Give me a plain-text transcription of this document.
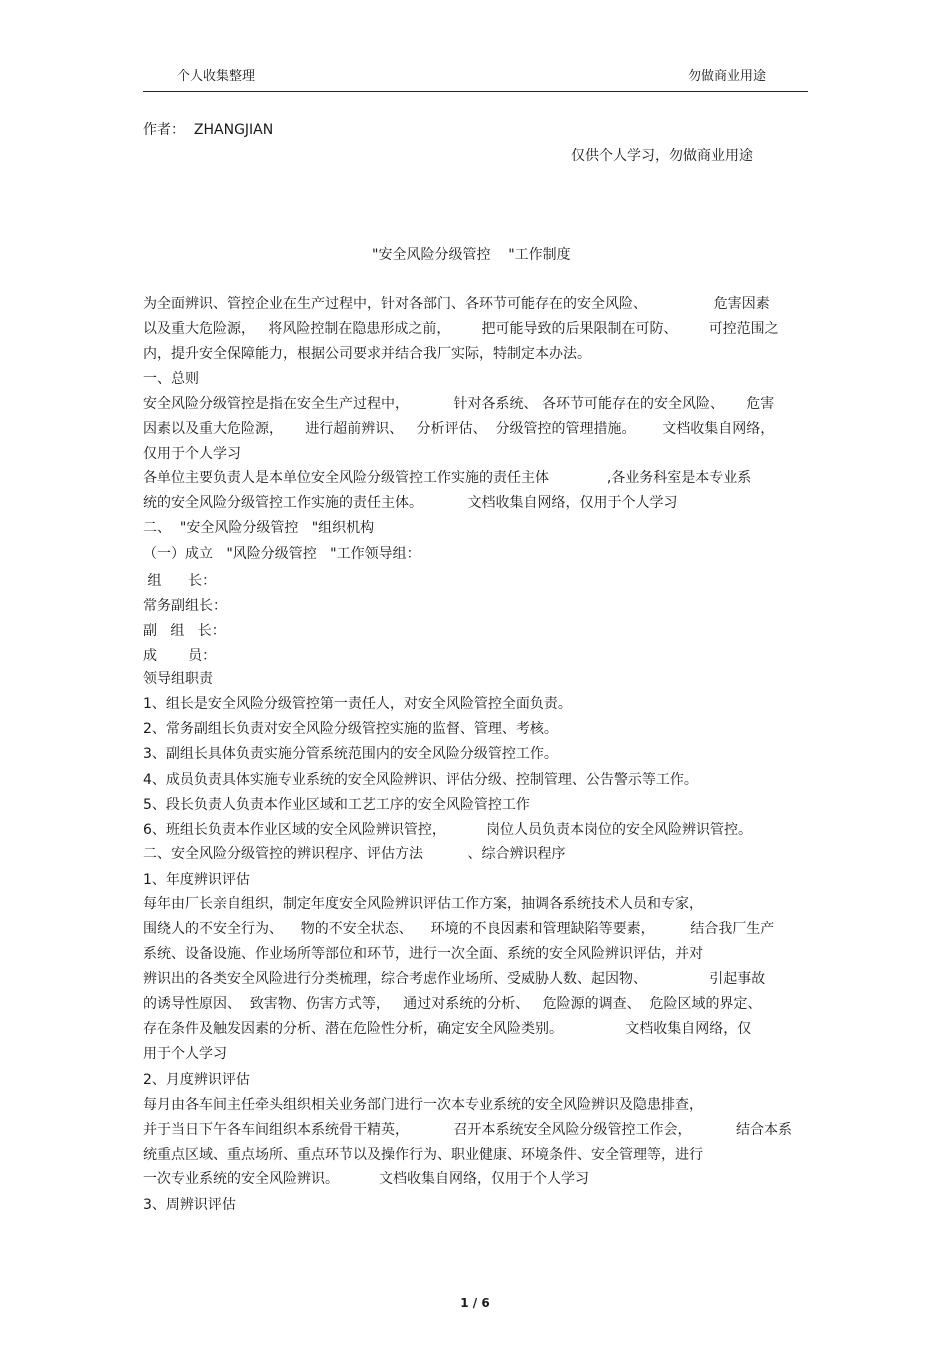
个人收集整理	勿做商业用途
作者：  ZHANGJIAN
仅供个人学习，勿做商业用途
"安全风险分级管控    "工作制度
为全面辨识、管控企业在生产过程中，针对各部门、各环节可能存在的安全风险、               危害因素
以及重大危险源，   将风险控制在隐患形成之前，       把可能导致的后果限制在可防、       可控范围之
内，提升安全保障能力，根据公司要求并结合我厂实际，特制定本办法。
一、总则
安全风险分级管控是指在安全生产过程中，          针对各系统、 各环节可能存在的安全风险、     危害
因素以及重大危险源，     进行超前辨识、   分析评估、  分级管控的管理措施。      文档收集自网络，
仅用于个人学习
各单位主要负责人是本单位安全风险分级管控工作实施的责任主体             ,各业务科室是本专业系
统的安全风险分级管控工作实施的责任主体。          文档收集自网络，仅用于个人学习
二、  "安全风险分级管控   "组织机构
（一）成立   "风险分级管控   "工作领导组：
组      长：
常务副组长：
副   组   长：
成       员：
领导组职责
1、组长是安全风险分级管控第一责任人，对安全风险管控全面负责。
2、常务副组长负责对安全风险分级管控实施的监督、管理、考核。
3、副组长具体负责实施分管系统范围内的安全风险分级管控工作。
4、成员负责具体实施专业系统的安全风险辨识、评估分级、控制管理、公告警示等工作。
5、段长负责人负责本作业区域和工艺工序的安全风险管控工作
6、班组长负责本作业区域的安全风险辨识管控，         岗位人员负责本岗位的安全风险辨识管控。
二、安全风险分级管控的辨识程序、评估方法          、综合辨识程序
1、年度辨识评估
每年由厂长亲自组织，制定年度安全风险辨识评估工作方案，抽调各系统技术人员和专家，
围绕人的不安全行为、    物的不安全状态、    环境的不良因素和管理缺陷等要素，        结合我厂生产
系统、设备设施、作业场所等部位和环节，进行一次全面、系统的安全风险辨识评估，并对
辨识出的各类安全风险进行分类梳理，综合考虑作业场所、受威胁人数、起因物、              引起事故
的诱导性原因、  致害物、伤害方式等，   通过对系统的分析、   危险源的调查、  危险区域的界定、
存在条件及触发因素的分析、潜在危险性分析，确定安全风险类别。              文档收集自网络，仅
用于个人学习
2、月度辨识评估
每月由各车间主任牵头组织相关业务部门进行一次本专业系统的安全风险辨识及隐患排查，
并于当日下午各车间组织本系统骨干精英，          召开本系统安全风险分级管控工作会，          结合本系
统重点区域、重点场所、重点环节以及操作行为、职业健康、环境条件、安全管理等，进行
一次专业系统的安全风险辨识。         文档收集自网络，仅用于个人学习
3、周辨识评估
1 / 6
